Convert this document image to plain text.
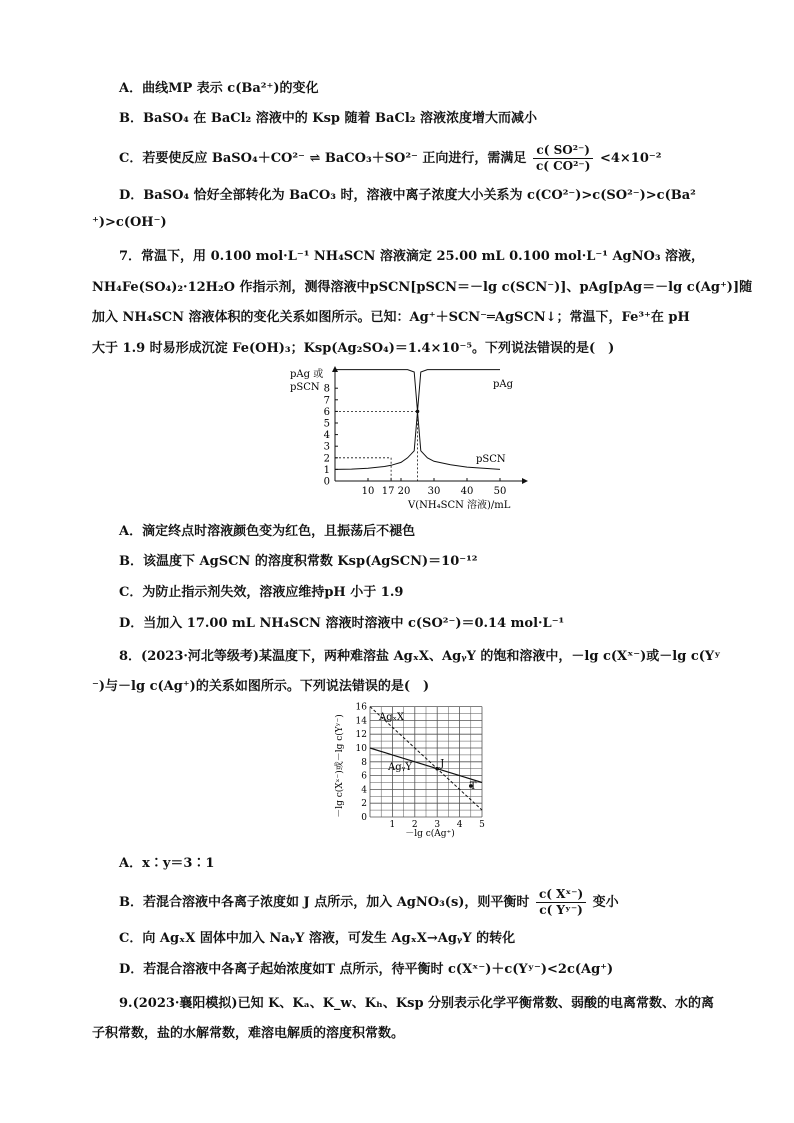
A．曲线MP 表示 c(Ba²⁺)的变化
B．BaSO₄ 在 BaCl₂ 溶液中的 Ksp 随着 BaCl₂ 溶液浓度增大而减小
C．若要使反应 BaSO₄＋CO²⁻ ⇌ BaCO₃＋SO²⁻ 正向进行，需满足 $\frac{\text{c( SO²⁻)}}{\text{c( CO²⁻)}} <4\times 10^{-2}$
D．BaSO₄ 恰好全部转化为 BaCO₃ 时，溶液中离子浓度大小关系为 c(CO²⁻)>c(SO²⁻)>c(Ba²
⁺)>c(OH⁻)
7．常温下，用 0.100 mol·L⁻¹ NH₄SCN 溶液滴定 25.00 mL 0.100 mol·L⁻¹ AgNO₃ 溶液，
NH₄Fe(SO₄)₂·12H₂O 作指示剂，测得溶液中pSCN[pSCN＝－lg c(SCN⁻)]、pAg[pAg＝－lg c(Ag⁺)]随
加入 NH₄SCN 溶液体积的变化关系如图所示。已知：Ag⁺＋SCN⁻═AgSCN↓；常温下，Fe³⁺在 pH
大于 1.9 时易形成沉淀 Fe(OH)₃；Ksp(Ag₂SO₄)＝1.4×10⁻⁵。下列说法错误的是(　)
pAg 或
pSCN
0
1
2
3
4
5
6
7
8
10 17 20 30 40 50
V(NH₄SCN 溶液)/mL
pAg
pSCN
A．滴定终点时溶液颜色变为红色，且振荡后不褪色
B．该温度下 AgSCN 的溶度积常数 Ksp(AgSCN)＝10⁻¹²
C．为防止指示剂失效，溶液应维持pH 小于 1.9
D．当加入 17.00 mL NH₄SCN 溶液时溶液中 c(SO²⁻)＝0.14 mol·L⁻¹
8．(2023·河北等级考)某温度下，两种难溶盐 AgₓX、AgᵧY 的饱和溶液中，－lg c(Xˣ⁻)或－lg c(Yʸ
⁻)与－lg c(Ag⁺)的关系如图所示。下列说法错误的是(　)
0
2
4
6
8
10
12
14
16
1 2 3 4 5
－lg c(Xˣ⁻)或－lg c(Yʸ⁻)
－lg c(Ag⁺)
AgₓX
AgᵧY	J
T
A．x∶y＝3∶1
B．若混合溶液中各离子浓度如 J 点所示，加入 AgNO₃(s)，则平衡时 $\frac{\text{c( Xˣ⁻)}}{\text{c( Yʸ⁻)}}$ 变小
C．向 AgₓX 固体中加入 NaᵧY 溶液，可发生 AgₓX→AgᵧY 的转化
D．若混合溶液中各离子起始浓度如T 点所示，待平衡时 c(Xˣ⁻)＋c(Yʸ⁻)<2c(Ag⁺)
9.(2023·襄阳模拟)已知 K、Kₐ、K_w、Kₕ、Ksp 分别表示化学平衡常数、弱酸的电离常数、水的离
子积常数，盐的水解常数，难溶电解质的溶度积常数。
